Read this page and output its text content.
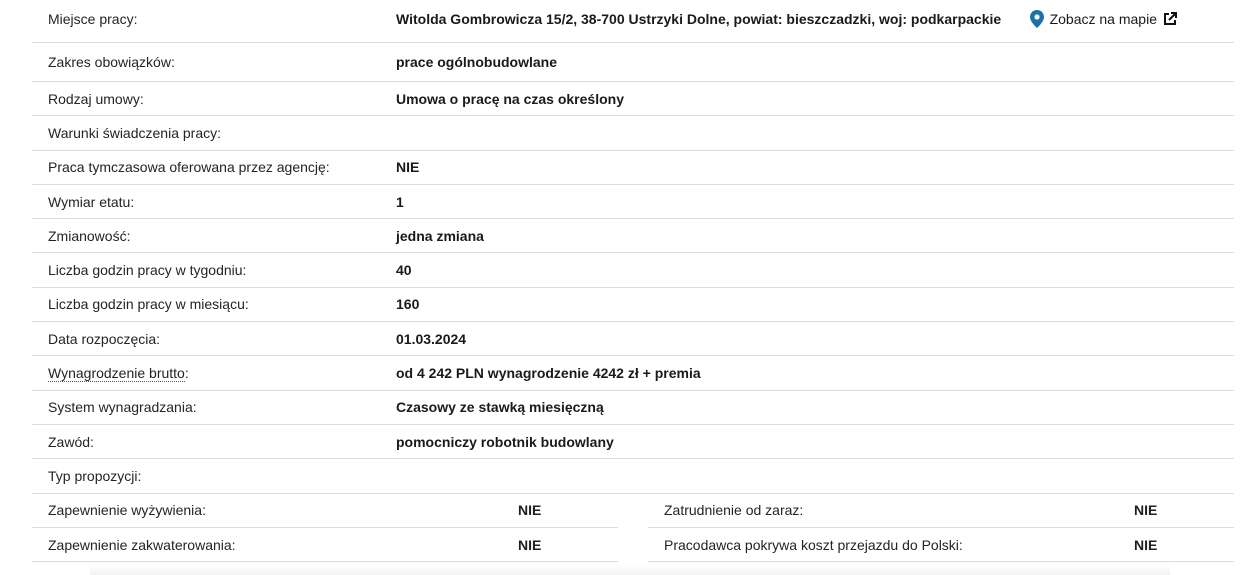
Miejsce pracy:	Witolda Gombrowicza 15/2, 38-700 Ustrzyki Dolne, powiat: bieszczadzki, woj: podkarpackie	Zobacz na mapie
Zakres obowiązków:	prace ogólnobudowlane
Rodzaj umowy:	Umowa o pracę na czas określony
Warunki świadczenia pracy:
Praca tymczasowa oferowana przez agencję:	NIE
Wymiar etatu:	1
Zmianowość:	jedna zmiana
Liczba godzin pracy w tygodniu:	40
Liczba godzin pracy w miesiącu:	160
Data rozpoczęcia:	01.03.2024
Wynagrodzenie brutto:	od 4 242 PLN wynagrodzenie 4242 zł + premia
System wynagradzania:	Czasowy ze stawką miesięczną
Zawód:	pomocniczy robotnik budowlany
Typ propozycji:
Zapewnienie wyżywienia:	NIE	Zatrudnienie od zaraz:	NIE
Zapewnienie zakwaterowania:	NIE	Pracodawca pokrywa koszt przejazdu do Polski:	NIE
